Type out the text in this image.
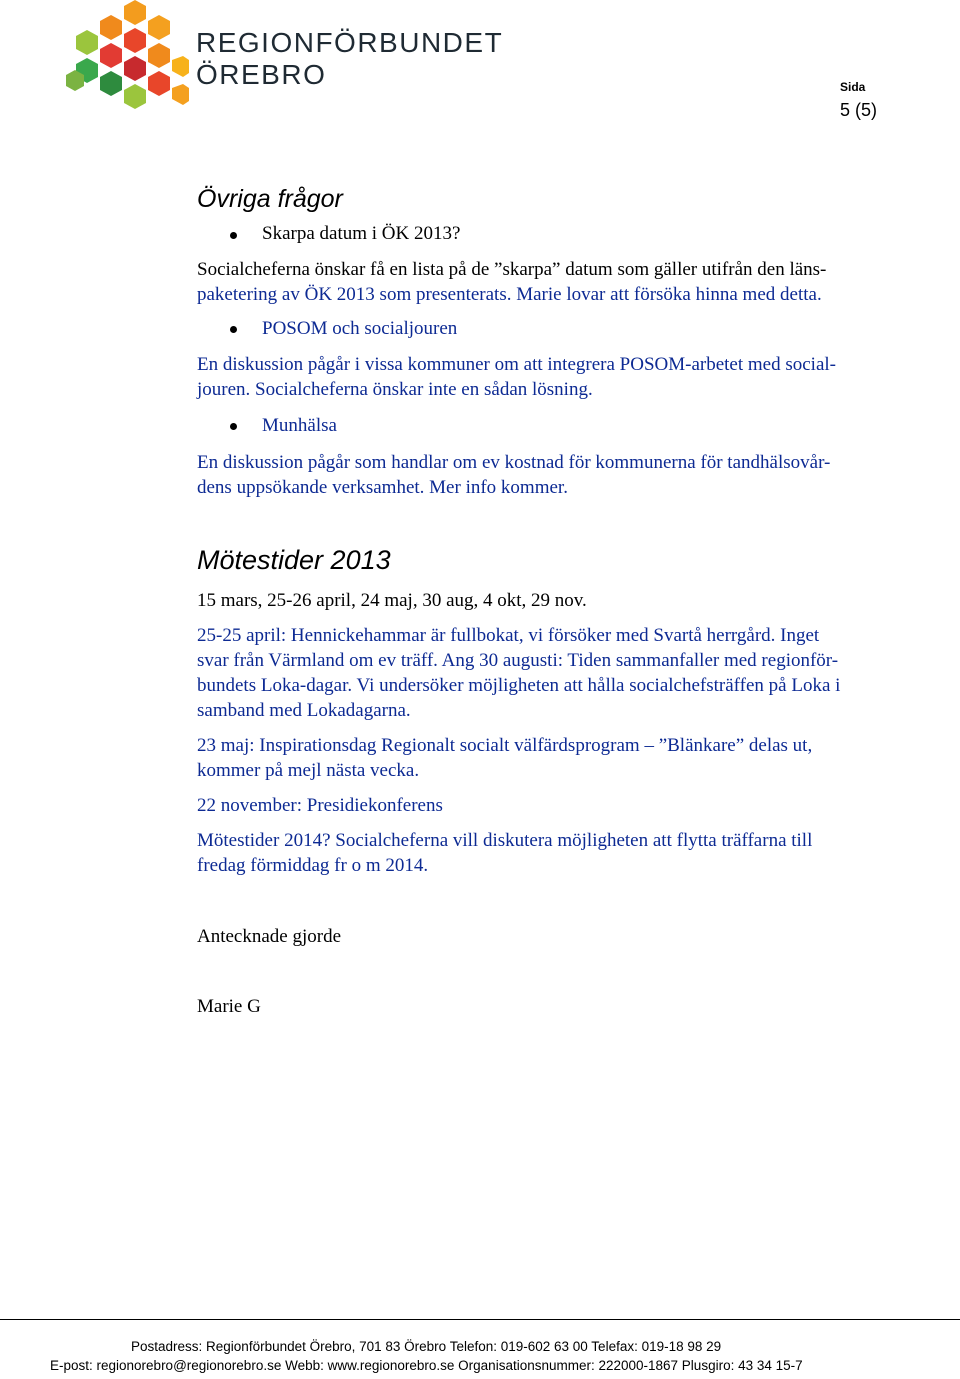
REGIONFÖRBUNDET

ÖREBRO	Sida

5 (5)

Övriga frågor

Skarpa datum i ÖK 2013?

Socialcheferna önskar få en lista på de ”skarpa” datum som gäller utifrån den läns-

paketering av ÖK 2013 som presenterats. Marie lovar att försöka hinna med detta.

POSOM och socialjouren

En diskussion pågår i vissa kommuner om att integrera POSOM-arbetet med social-

jouren. Socialcheferna önskar inte en sådan lösning.

Munhälsa

En diskussion pågår som handlar om ev kostnad för kommunerna för tandhälsovår-

dens uppsökande verksamhet. Mer info kommer.

Mötestider 2013

15 mars, 25-26 april, 24 maj, 30 aug, 4 okt, 29 nov.

25-25 april: Hennickehammar är fullbokat, vi försöker med Svartå herrgård. Inget

svar från Värmland om ev träff. Ang 30 augusti: Tiden sammanfaller med regionför-

bundets Loka-dagar. Vi undersöker möjligheten att hålla socialchefsträffen på Loka i

samband med Lokadagarna.

23 maj: Inspirationsdag Regionalt socialt välfärdsprogram – ”Blänkare” delas ut,

kommer på mejl nästa vecka.

22 november: Presidiekonferens

Mötestider 2014? Socialcheferna vill diskutera möjligheten att flytta träffarna till

fredag förmiddag fr o m 2014.

Antecknade gjorde

Marie G

Postadress: Regionförbundet Örebro, 701 83 Örebro Telefon: 019-602 63 00 Telefax: 019-18 98 29

E-post: regionorebro@regionorebro.se Webb: www.regionorebro.se Organisationsnummer: 222000-1867 Plusgiro: 43 34 15-7
